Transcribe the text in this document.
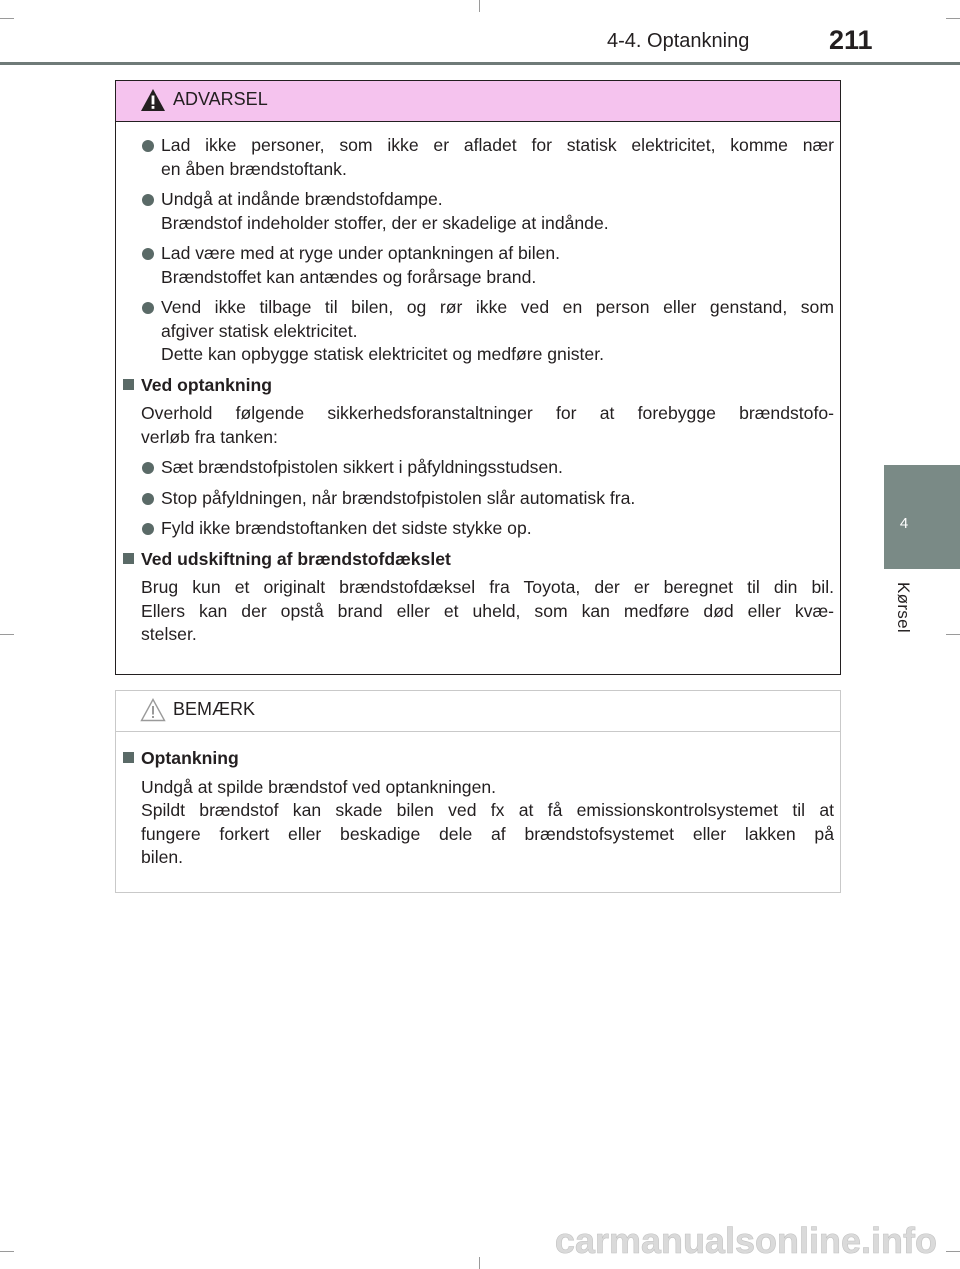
4-4. Optankning	211
4
Kørsel
ADVARSEL
Lad ikke personer, som ikke er afladet for statisk elektricitet, komme nær
en åben brændstoftank.
Undgå at indånde brændstofdampe.
Brændstof indeholder stoffer, der er skadelige at indånde.
Lad være med at ryge under optankningen af bilen.
Brændstoffet kan antændes og forårsage brand.
Vend ikke tilbage til bilen, og rør ikke ved en person eller genstand, som
afgiver statisk elektricitet.
Dette kan opbygge statisk elektricitet og medføre gnister.
Ved optankning
Overhold følgende sikkerhedsforanstaltninger for at forebygge brændstofo-
verløb fra tanken:
Sæt brændstofpistolen sikkert i påfyldningsstudsen.
Stop påfyldningen, når brændstofpistolen slår automatisk fra.
Fyld ikke brændstoftanken det sidste stykke op.
Ved udskiftning af brændstofdækslet
Brug kun et originalt brændstofdæksel fra Toyota, der er beregnet til din bil.
Ellers kan der opstå brand eller et uheld, som kan medføre død eller kvæ-
stelser.
BEMÆRK
Optankning
Undgå at spilde brændstof ved optankningen.
Spildt brændstof kan skade bilen ved fx at få emissionskontrolsystemet til at
fungere forkert eller beskadige dele af brændstofsystemet eller lakken på
bilen.
carmanualsonline.info
